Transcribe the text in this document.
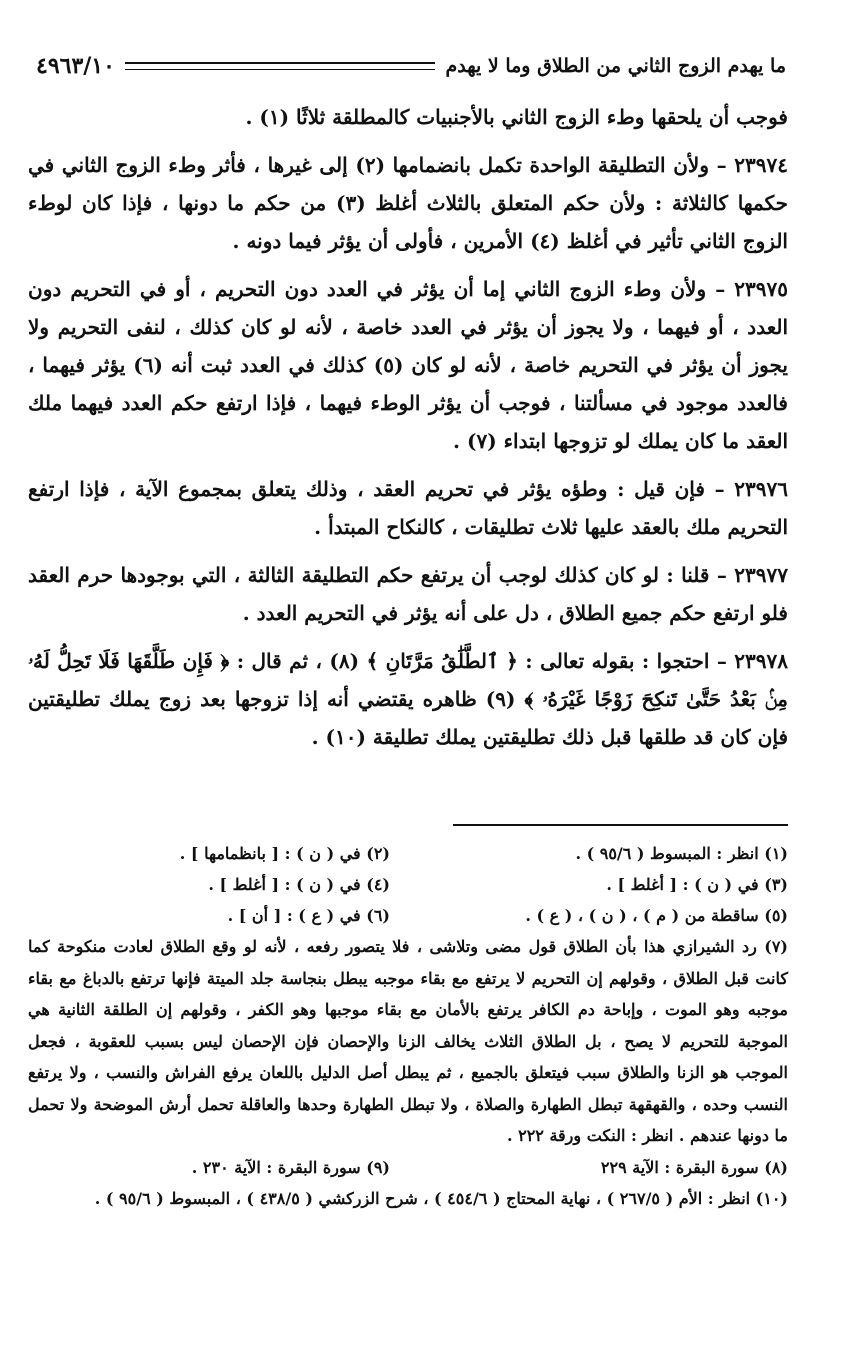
ما يهدم الزوج الثاني من الطلاق وما لا يهدم
٤٩٦٣/١٠

فوجب أن يلحقها وطء الزوج الثاني بالأجنبيات كالمطلقة ثلاثًا (١) .

٢٣٩٧٤ – ولأن التطليقة الواحدة تكمل بانضمامها (٢) إلى غيرها ، فأثر وطء الزوج الثاني في حكمها كالثلاثة : ولأن حكم المتعلق بالثلاث أغلظ (٣) من حكم ما دونها ، فإذا كان لوطء الزوج الثاني تأثير في أغلظ (٤) الأمرين ، فأولى أن يؤثر فيما دونه .

٢٣٩٧٥ – ولأن وطء الزوج الثاني إما أن يؤثر في العدد دون التحريم ، أو في التحريم دون العدد ، أو فيهما ، ولا يجوز أن يؤثر في العدد خاصة ، لأنه لو كان كذلك ، لنفى التحريم ولا يجوز أن يؤثر في التحريم خاصة ، لأنه لو كان (٥) كذلك في العدد ثبت أنه (٦) يؤثر فيهما ، فالعدد موجود في مسألتنا ، فوجب أن يؤثر الوطء فيهما ، فإذا ارتفع حكم العدد فيهما ملك العقد ما كان يملك لو تزوجها ابتداء (٧) .

٢٣٩٧٦ – فإن قيل : وطؤه يؤثر في تحريم العقد ، وذلك يتعلق بمجموع الآية ، فإذا ارتفع التحريم ملك بالعقد عليها ثلاث تطليقات ، كالنكاح المبتدأ .

٢٣٩٧٧ – قلنا : لو كان كذلك لوجب أن يرتفع حكم التطليقة الثالثة ، التي بوجودها حرم العقد فلو ارتفع حكم جميع الطلاق ، دل على أنه يؤثر في التحريم العدد .

٢٣٩٧٨ – احتجوا : بقوله تعالى : ﴿ ٱلطَّلَٰقُ مَرَّتَانِ ﴾ (٨) ، ثم قال : ﴿ فَإِن طَلَّقَهَا فَلَا تَحِلُّ لَهُۥ مِنۢ بَعْدُ حَتَّىٰ تَنكِحَ زَوْجًا غَيْرَهُۥ ﴾ (٩) ظاهره يقتضي أنه إذا تزوجها بعد زوج يملك تطليقتين فإن كان قد طلقها قبل ذلك تطليقتين يملك تطليقة (١٠) .

(١) انظر : المبسوط ( ٩٥/٦ ) .
(٢) في ( ن ) : [ بانظمامها ] .
(٣) في ( ن ) : [ أغلط ] .
(٤) في ( ن ) : [ أغلط ] .
(٥) ساقطة من ( م ) ، ( ن ) ، ( ع ) .
(٦) في ( ع ) : [ أن ] .
(٧) رد الشيرازي هذا بأن الطلاق قول مضى وتلاشى ، فلا يتصور رفعه ، لأنه لو وقع الطلاق لعادت منكوحة كما كانت قبل الطلاق ، وقولهم إن التحريم لا يرتفع مع بقاء موجبه يبطل بنجاسة جلد الميتة فإنها ترتفع بالدباغ مع بقاء موجبه وهو الموت ، وإباحة دم الكافر يرتفع بالأمان مع بقاء موجبها وهو الكفر ، وقولهم إن الطلقة الثانية هي الموجبة للتحريم لا يصح ، بل الطلاق الثلاث يخالف الزنا والإحصان فإن الإحصان ليس بسبب للعقوبة ، فجعل الموجب هو الزنا والطلاق سبب فيتعلق بالجميع ، ثم يبطل أصل الدليل باللعان يرفع الفراش والنسب ، ولا يرتفع النسب وحده ، والقهقهة تبطل الطهارة والصلاة ، ولا تبطل الطهارة وحدها والعاقلة تحمل أرش الموضحة ولا تحمل ما دونها عندهم . انظر : النكت ورقة ٢٢٢ .
(٨) سورة البقرة : الآية ٢٢٩
(٩) سورة البقرة : الآية ٢٣٠ .
(١٠) انظر : الأم ( ٢٦٧/٥ ) ، نهاية المحتاج ( ٤٥٤/٦ ) ، شرح الزركشي ( ٤٣٨/٥ ) ، المبسوط ( ٩٥/٦ ) .
